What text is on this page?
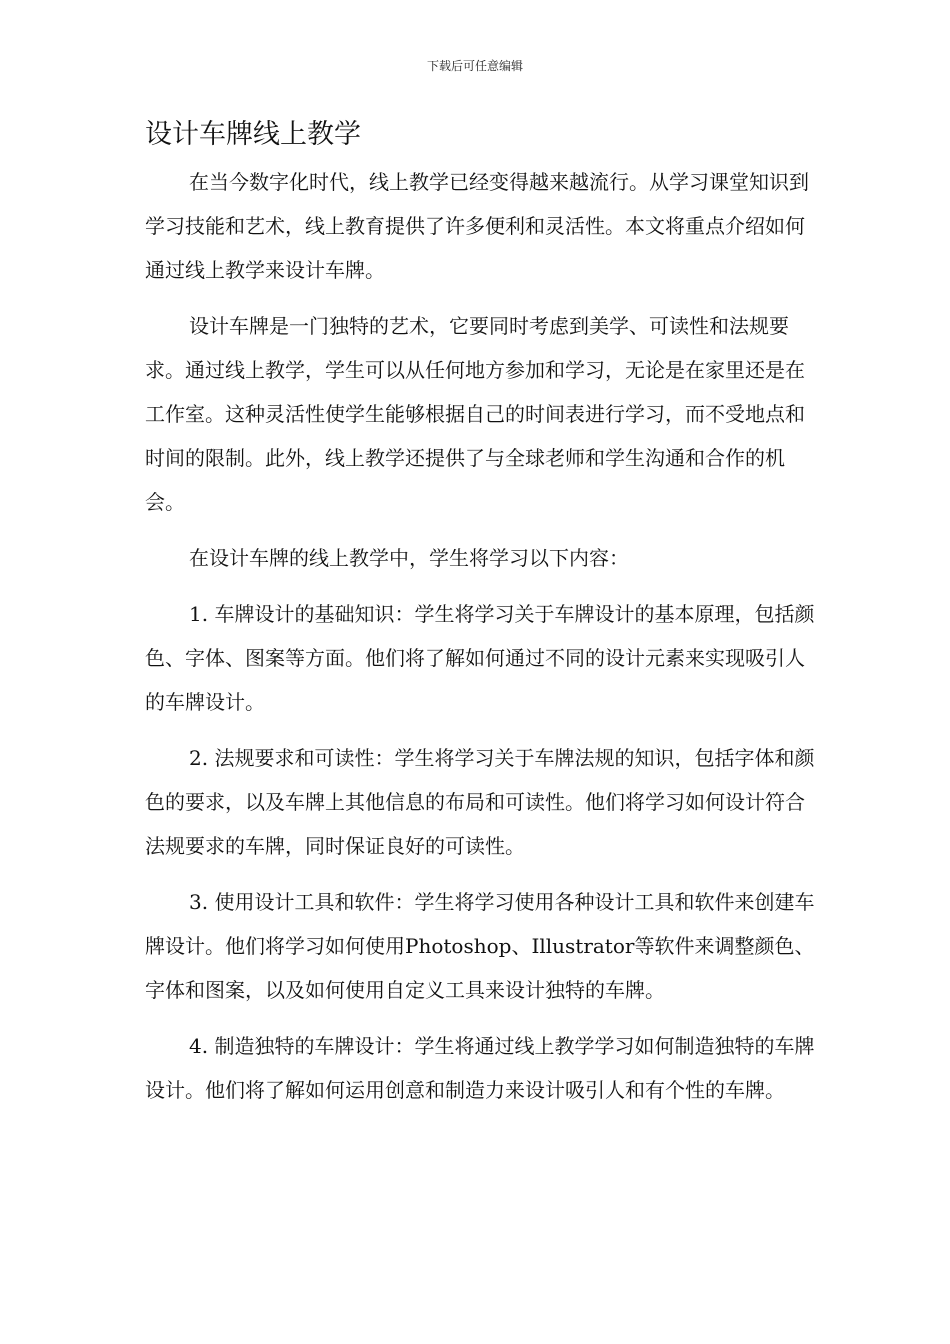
下载后可任意编辑
设计车牌线上教学

在当今数字化时代，线上教学已经变得越来越流行。从学习课堂知识到学习技能和艺术，线上教育提供了许多便利和灵活性。本文将重点介绍如何通过线上教学来设计车牌。

设计车牌是一门独特的艺术，它要同时考虑到美学、可读性和法规要求。通过线上教学，学生可以从任何地方参加和学习，无论是在家里还是在工作室。这种灵活性使学生能够根据自己的时间表进行学习，而不受地点和时间的限制。此外，线上教学还提供了与全球老师和学生沟通和合作的机会。

在设计车牌的线上教学中，学生将学习以下内容：

1. 车牌设计的基础知识：学生将学习关于车牌设计的基本原理，包括颜色、字体、图案等方面。他们将了解如何通过不同的设计元素来实现吸引人的车牌设计。

2. 法规要求和可读性：学生将学习关于车牌法规的知识，包括字体和颜色的要求，以及车牌上其他信息的布局和可读性。他们将学习如何设计符合法规要求的车牌，同时保证良好的可读性。

3. 使用设计工具和软件：学生将学习使用各种设计工具和软件来创建车牌设计。他们将学习如何使用Photoshop、Illustrator等软件来调整颜色、字体和图案，以及如何使用自定义工具来设计独特的车牌。

4. 制造独特的车牌设计：学生将通过线上教学学习如何制造独特的车牌设计。他们将了解如何运用创意和制造力来设计吸引人和有个性的车牌。
